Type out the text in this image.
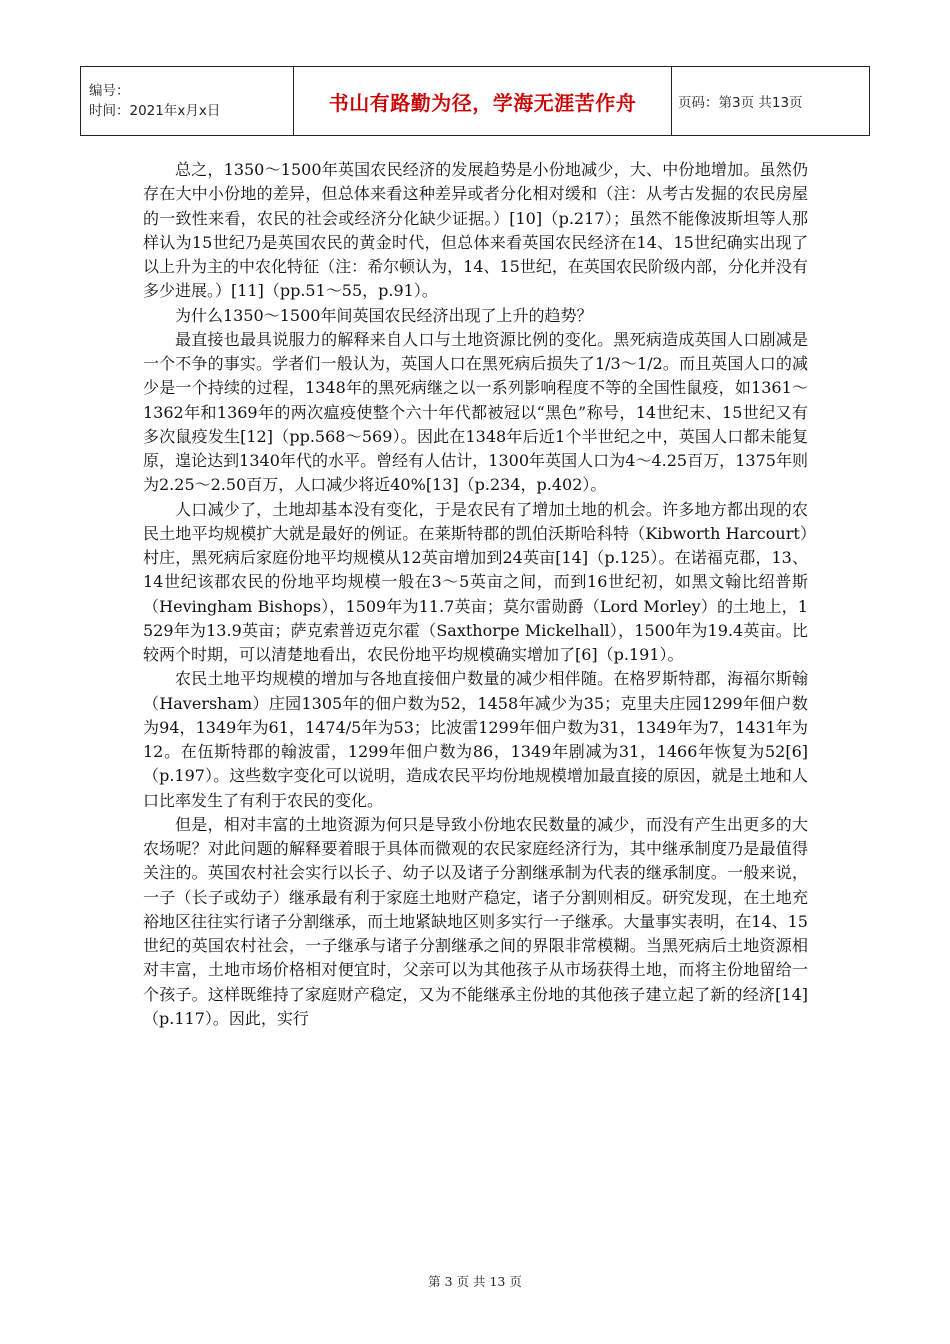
编号：
时间：2021年x月x日	书山有路勤为径，学海无涯苦作舟	页码：第3页 共13页

总之，1350～1500年英国农民经济的发展趋势是小份地减少，大、中份地增加。虽然仍存在大中小份地的差异，但总体来看这种差异或者分化相对缓和（注：从考古发掘的农民房屋的一致性来看，农民的社会或经济分化缺少证据。）[10]（p.217）；虽然不能像波斯坦等人那样认为15世纪乃是英国农民的黄金时代，但总体来看英国农民经济在14、15世纪确实出现了以上升为主的中农化特征（注：希尔顿认为，14、15世纪，在英国农民阶级内部，分化并没有多少进展。）[11]（pp.51～55，p.91）。

为什么1350～1500年间英国农民经济出现了上升的趋势？

最直接也最具说服力的解释来自人口与土地资源比例的变化。黑死病造成英国人口剧减是一个不争的事实。学者们一般认为，英国人口在黑死病后损失了1/3～1/2。而且英国人口的减少是一个持续的过程，1348年的黑死病继之以一系列影响程度不等的全国性鼠疫，如1361～1362年和1369年的两次瘟疫使整个六十年代都被冠以“黑色”称号，14世纪末、15世纪又有多次鼠疫发生[12]（pp.568～569）。因此在1348年后近1个半世纪之中，英国人口都未能复原，遑论达到1340年代的水平。曾经有人估计，1300年英国人口为4～4.25百万，1375年则为2.25～2.50百万，人口减少将近40%[13]（p.234，p.402）。

人口减少了，土地却基本没有变化，于是农民有了增加土地的机会。许多地方都出现的农民土地平均规模扩大就是最好的例证。在莱斯特郡的凯伯沃斯哈科特（Kibworth Harcourt）村庄，黑死病后家庭份地平均规模从12英亩增加到24英亩[14]（p.125）。在诺福克郡，13、14世纪该郡农民的份地平均规模一般在3～5英亩之间，而到16世纪初，如黑文翰比绍普斯（Hevingham Bishops），1509年为11.7英亩；莫尔雷勋爵（Lord Morley）的土地上，1529年为13.9英亩；萨克索普迈克尔霍（Saxthorpe Mickelhall），1500年为19.4英亩。比较两个时期，可以清楚地看出，农民份地平均规模确实增加了[6]（p.191）。

农民土地平均规模的增加与各地直接佃户数量的减少相伴随。在格罗斯特郡，海福尔斯翰（Haversham）庄园1305年的佃户数为52，1458年减少为35；克里夫庄园1299年佃户数为94，1349年为61，1474/5年为53；比波雷1299年佃户数为31，1349年为7，1431年为12。在伍斯特郡的翰波雷，1299年佃户数为86，1349年剧减为31，1466年恢复为52[6]（p.197）。这些数字变化可以说明，造成农民平均份地规模增加最直接的原因，就是土地和人口比率发生了有利于农民的变化。

但是，相对丰富的土地资源为何只是导致小份地农民数量的减少，而没有产生出更多的大农场呢？对此问题的解释要着眼于具体而微观的农民家庭经济行为，其中继承制度乃是最值得关注的。英国农村社会实行以长子、幼子以及诸子分割继承制为代表的继承制度。一般来说，一子（长子或幼子）继承最有利于家庭土地财产稳定，诸子分割则相反。研究发现，在土地充裕地区往往实行诸子分割继承，而土地紧缺地区则多实行一子继承。大量事实表明，在14、15世纪的英国农村社会，一子继承与诸子分割继承之间的界限非常模糊。当黑死病后土地资源相对丰富，土地市场价格相对便宜时，父亲可以为其他孩子从市场获得土地，而将主份地留给一个孩子。这样既维持了家庭财产稳定，又为不能继承主份地的其他孩子建立起了新的经济[14]（p.117）。因此，实行

第 3 页 共 13 页
